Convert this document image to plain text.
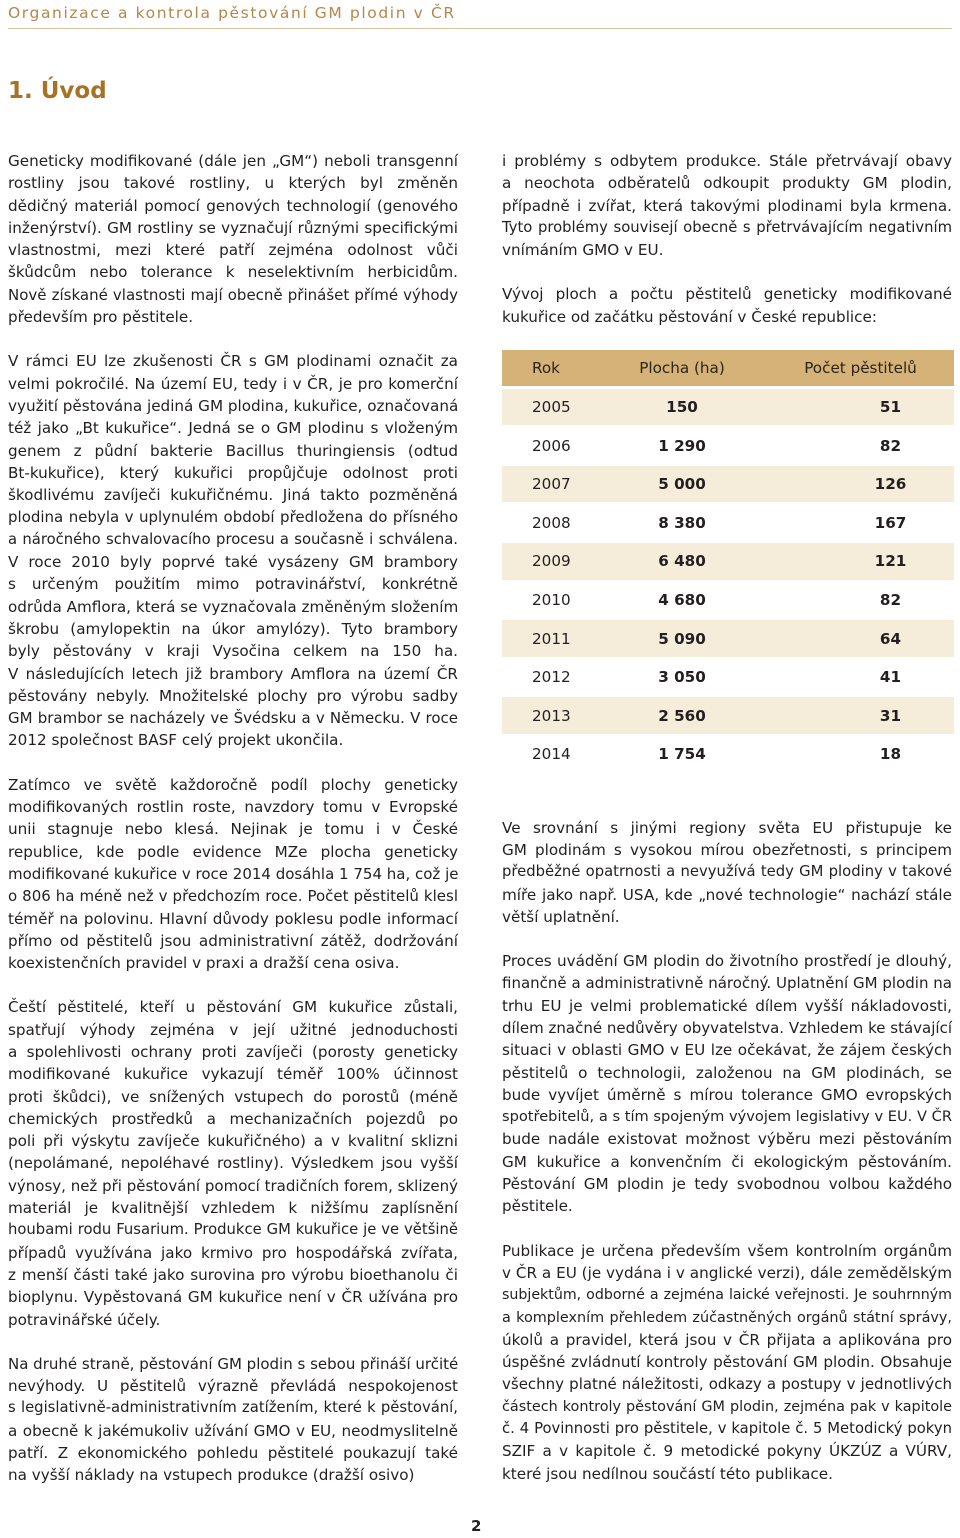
Organizace a kontrola pěstování GM plodin v ČR
1. Úvod

Geneticky modifikované (dále jen „GM“) neboli transgenní
rostliny jsou takové rostliny, u kterých byl změněn
dědičný materiál pomocí genových technologií (genového
inženýrství). GM rostliny se vyznačují různými specifickými
vlastnostmi, mezi které patří zejména odolnost vůči
škůdcům nebo tolerance k neselektivním herbicidům.
Nově získané vlastnosti mají obecně přinášet přímé výhody
především pro pěstitele.

V rámci EU lze zkušenosti ČR s GM plodinami označit za
velmi pokročilé. Na území EU, tedy i v ČR, je pro komerční
využití pěstována jediná GM plodina, kukuřice, označovaná
též jako „Bt kukuřice“. Jedná se o GM plodinu s vloženým
genem z půdní bakterie Bacillus thuringiensis (odtud
Bt-kukuřice), který kukuřici propůjčuje odolnost proti
škodlivému zavíječi kukuřičnému. Jiná takto pozměněná
plodina nebyla v uplynulém období předložena do přísného
a náročného schvalovacího procesu a současně i schválena.
V roce 2010 byly poprvé také vysázeny GM brambory
s určeným použitím mimo potravinářství, konkrétně
odrůda Amflora, která se vyznačovala změněným složením
škrobu (amylopektin na úkor amylózy). Tyto brambory
byly pěstovány v kraji Vysočina celkem na 150 ha.
V následujících letech již brambory Amflora na území ČR
pěstovány nebyly. Množitelské plochy pro výrobu sadby
GM brambor se nacházely ve Švédsku a v Německu. V roce
2012 společnost BASF celý projekt ukončila.

Zatímco ve světě každoročně podíl plochy geneticky
modifikovaných rostlin roste, navzdory tomu v Evropské
unii stagnuje nebo klesá. Nejinak je tomu i v České
republice, kde podle evidence MZe plocha geneticky
modifikované kukuřice v roce 2014 dosáhla 1 754 ha, což je
o 806 ha méně než v předchozím roce. Počet pěstitelů klesl
téměř na polovinu. Hlavní důvody poklesu podle informací
přímo od pěstitelů jsou administrativní zátěž, dodržování
koexistenčních pravidel v praxi a dražší cena osiva.

Čeští pěstitelé, kteří u pěstování GM kukuřice zůstali,
spatřují výhody zejména v její užitné jednoduchosti
a spolehlivosti ochrany proti zavíječi (porosty geneticky
modifikované kukuřice vykazují téměř 100% účinnost
proti škůdci), ve snížených vstupech do porostů (méně
chemických prostředků a mechanizačních pojezdů po
poli při výskytu zavíječe kukuřičného) a v kvalitní sklizni
(nepolámané, nepoléhavé rostliny). Výsledkem jsou vyšší
výnosy, než při pěstování pomocí tradičních forem, sklizený
materiál je kvalitnější vzhledem k nižšímu zaplísnění
houbami rodu Fusarium. Produkce GM kukuřice je ve většině
případů využívána jako krmivo pro hospodářská zvířata,
z menší části také jako surovina pro výrobu bioethanolu či
bioplynu. Vypěstovaná GM kukuřice není v ČR užívána pro
potravinářské účely.

Na druhé straně, pěstování GM plodin s sebou přináší určité
nevýhody. U pěstitelů výrazně převládá nespokojenost
s legislativně-administrativním zatížením, které k pěstování,
a obecně k jakémukoliv užívání GMO v EU, neodmyslitelně
patří. Z ekonomického pohledu pěstitelé poukazují také
na vyšší náklady na vstupech produkce (dražší osivo)

i problémy s odbytem produkce. Stále přetrvávají obavy
a neochota odběratelů odkoupit produkty GM plodin,
případně i zvířat, která takovými plodinami byla krmena.
Tyto problémy souvisejí obecně s přetrvávajícím negativním
vnímáním GMO v EU.

Vývoj ploch a počtu pěstitelů geneticky modifikované
kukuřice od začátku pěstování v České republice:

Rok	Plocha (ha)	Počet pěstitelů
2005	150	51
2006	1 290	82
2007	5 000	126
2008	8 380	167
2009	6 480	121
2010	4 680	82
2011	5 090	64
2012	3 050	41
2013	2 560	31
2014	1 754	18

Ve srovnání s jinými regiony světa EU přistupuje ke
GM plodinám s vysokou mírou obezřetnosti, s principem
předběžné opatrnosti a nevyužívá tedy GM plodiny v takové
míře jako např. USA, kde „nové technologie“ nachází stále
větší uplatnění.

Proces uvádění GM plodin do životního prostředí je dlouhý,
finančně a administrativně náročný. Uplatnění GM plodin na
trhu EU je velmi problematické dílem vyšší nákladovosti,
dílem značné nedůvěry obyvatelstva. Vzhledem ke stávající
situaci v oblasti GMO v EU lze očekávat, že zájem českých
pěstitelů o technologii, založenou na GM plodinách, se
bude vyvíjet úměrně s mírou tolerance GMO evropských
spotřebitelů, a s tím spojeným vývojem legislativy v EU. V ČR
bude nadále existovat možnost výběru mezi pěstováním
GM kukuřice a konvenčním či ekologickým pěstováním.
Pěstování GM plodin je tedy svobodnou volbou každého
pěstitele.

Publikace je určena především všem kontrolním orgánům
v ČR a EU (je vydána i v anglické verzi), dále zemědělským
subjektům, odborné a zejména laické veřejnosti. Je souhrnným
a komplexním přehledem zúčastněných orgánů státní správy,
úkolů a pravidel, která jsou v ČR přijata a aplikována pro
úspěšné zvládnutí kontroly pěstování GM plodin. Obsahuje
všechny platné náležitosti, odkazy a postupy v jednotlivých
částech kontroly pěstování GM plodin, zejména pak v kapitole
č. 4 Povinnosti pro pěstitele, v kapitole č. 5 Metodický pokyn
SZIF a v kapitole č. 9 metodické pokyny ÚKZÚZ a VÚRV,
které jsou nedílnou součástí této publikace.

2
